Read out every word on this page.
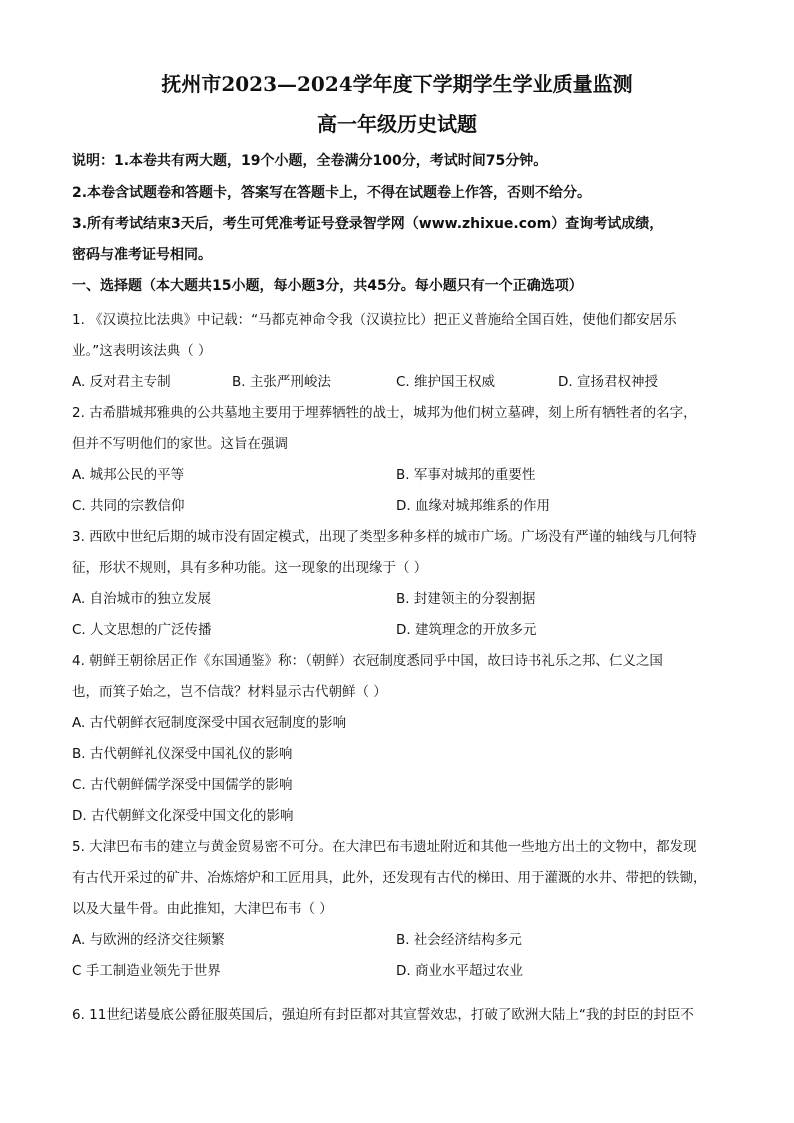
抚州市2023—2024学年度下学期学生学业质量监测
高一年级历史试题
说明：1.本卷共有两大题，19个小题，全卷满分100分，考试时间75分钟。
2.本卷含试题卷和答题卡，答案写在答题卡上，不得在试题卷上作答，否则不给分。
3.所有考试结束3天后，考生可凭准考证号登录智学网（www.zhixue.com）查询考试成绩，
密码与准考证号相同。
一、选择题（本大题共15小题，每小题3分，共45分。每小题只有一个正确选项）
1. 《汉谟拉比法典》中记载：“马都克神命令我（汉谟拉比）把正义普施给全国百姓，使他们都安居乐
业。”这表明该法典（ ）
A. 反对君主专制	B. 主张严刑峻法	C. 维护国王权威	D. 宣扬君权神授
2. 古希腊城邦雅典的公共墓地主要用于埋葬牺牲的战士，城邦为他们树立墓碑，刻上所有牺牲者的名字，
但并不写明他们的家世。这旨在强调
A. 城邦公民的平等	B. 军事对城邦的重要性
C. 共同的宗教信仰	D. 血缘对城邦维系的作用
3. 西欧中世纪后期的城市没有固定模式，出现了类型多种多样的城市广场。广场没有严谨的轴线与几何特
征，形状不规则，具有多种功能。这一现象的出现缘于（ ）
A. 自治城市的独立发展	B. 封建领主的分裂割据
C. 人文思想的广泛传播	D. 建筑理念的开放多元
4. 朝鲜王朝徐居正作《东国通鉴》称：（朝鲜）衣冠制度悉同乎中国，故曰诗书礼乐之邦、仁义之国
也，而箕子始之，岂不信哉？材料显示古代朝鲜（ ）
A. 古代朝鲜衣冠制度深受中国衣冠制度的影响
B. 古代朝鲜礼仪深受中国礼仪的影响
C. 古代朝鲜儒学深受中国儒学的影响
D. 古代朝鲜文化深受中国文化的影响
5. 大津巴布韦的建立与黄金贸易密不可分。在大津巴布韦遗址附近和其他一些地方出土的文物中，都发现
有古代开采过的矿井、冶炼熔炉和工匠用具，此外，还发现有古代的梯田、用于灌溉的水井、带把的铁锄，
以及大量牛骨。由此推知，大津巴布韦（ ）
A. 与欧洲的经济交往频繁	B. 社会经济结构多元
C 手工制造业领先于世界	D. 商业水平超过农业
6. 11世纪诺曼底公爵征服英国后，强迫所有封臣都对其宣誓效忠，打破了欧洲大陆上“我的封臣的封臣不
